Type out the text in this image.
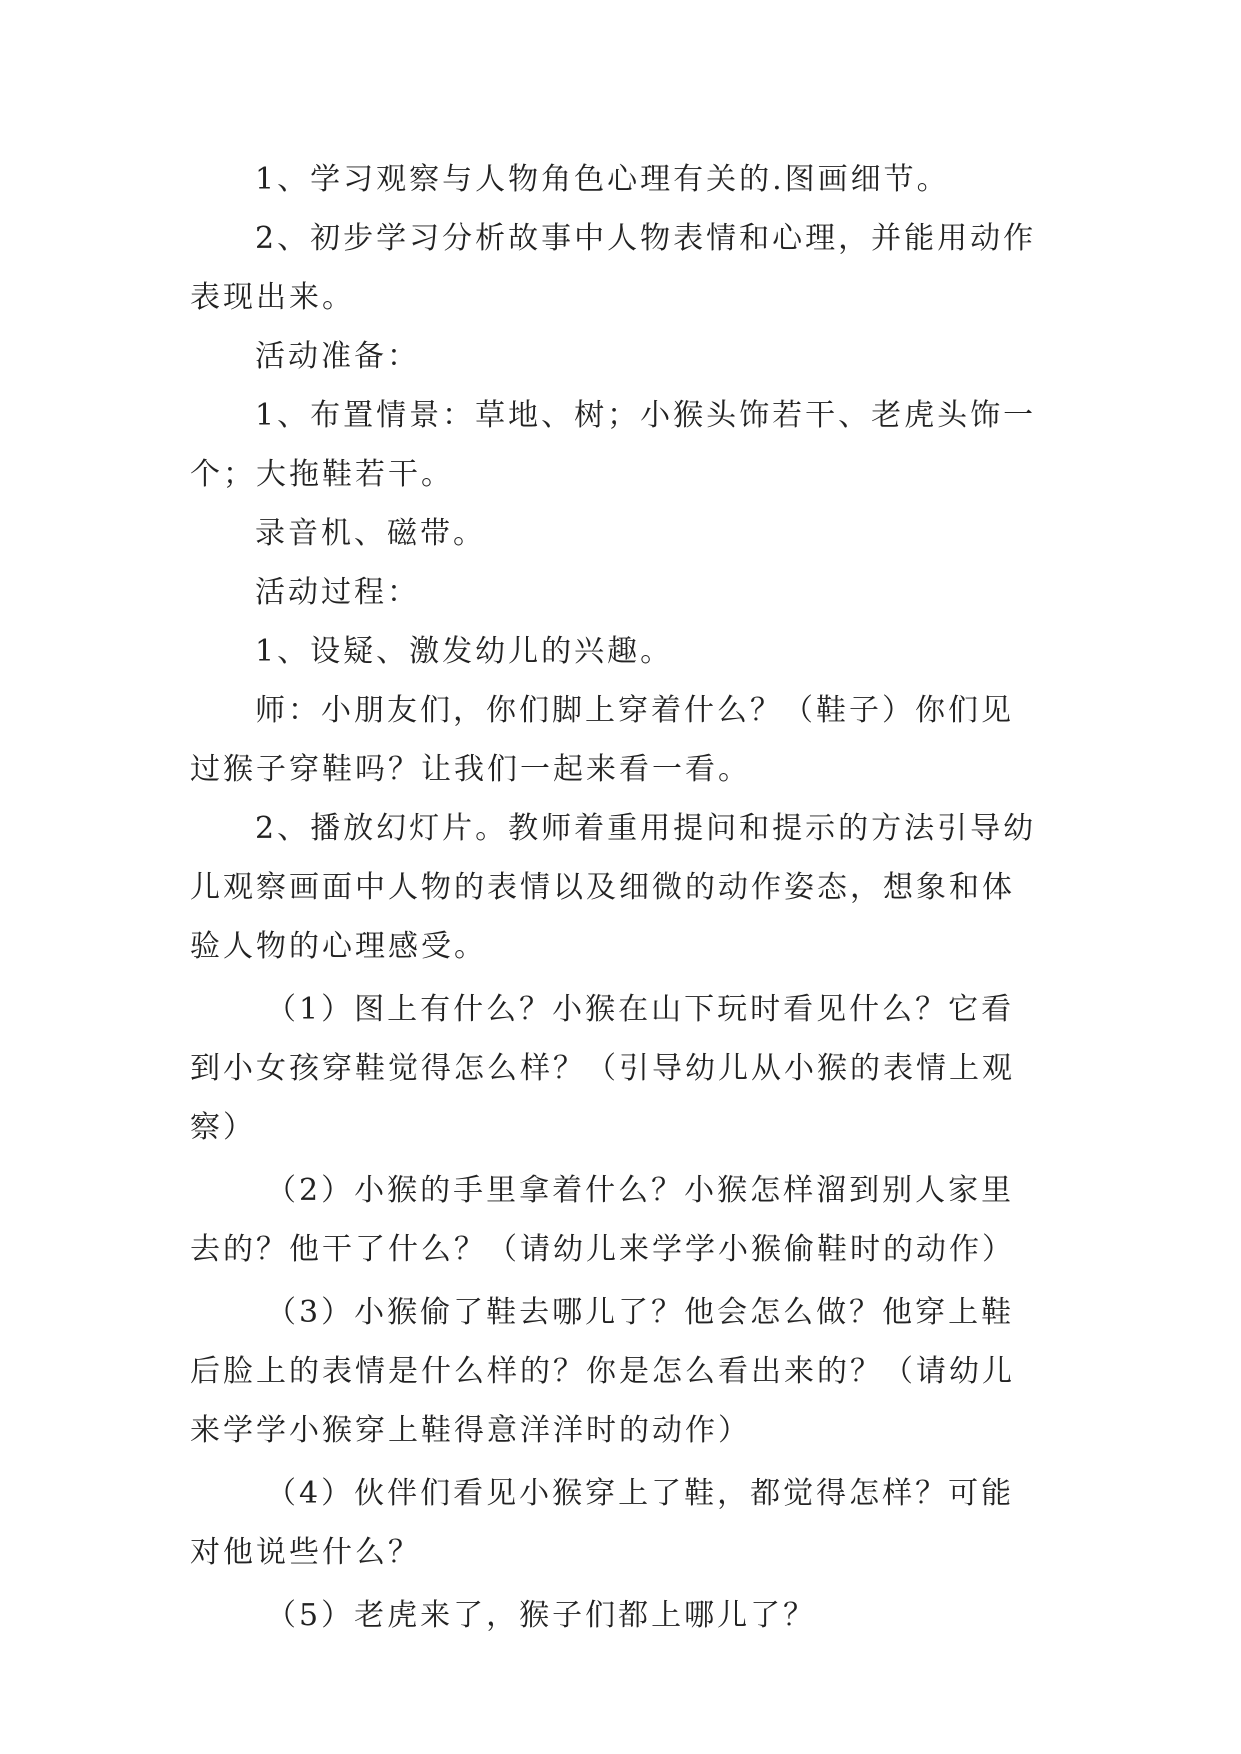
1、学习观察与人物角色心理有关的.图画细节。

2、初步学习分析故事中人物表情和心理，并能用动作表现出来。

活动准备：

1、布置情景：草地、树；小猴头饰若干、老虎头饰一个；大拖鞋若干。

录音机、磁带。

活动过程：

1、设疑、激发幼儿的兴趣。

师：小朋友们，你们脚上穿着什么？（鞋子）你们见过猴子穿鞋吗？让我们一起来看一看。

2、播放幻灯片。教师着重用提问和提示的方法引导幼儿观察画面中人物的表情以及细微的动作姿态，想象和体验人物的心理感受。

（1）图上有什么？小猴在山下玩时看见什么？它看到小女孩穿鞋觉得怎么样？（引导幼儿从小猴的表情上观察）

（2）小猴的手里拿着什么？小猴怎样溜到别人家里去的？他干了什么？（请幼儿来学学小猴偷鞋时的动作）

（3）小猴偷了鞋去哪儿了？他会怎么做？他穿上鞋后脸上的表情是什么样的？你是怎么看出来的？（请幼儿来学学小猴穿上鞋得意洋洋时的动作）

（4）伙伴们看见小猴穿上了鞋，都觉得怎样？可能对他说些什么？

（5）老虎来了，猴子们都上哪儿了？
